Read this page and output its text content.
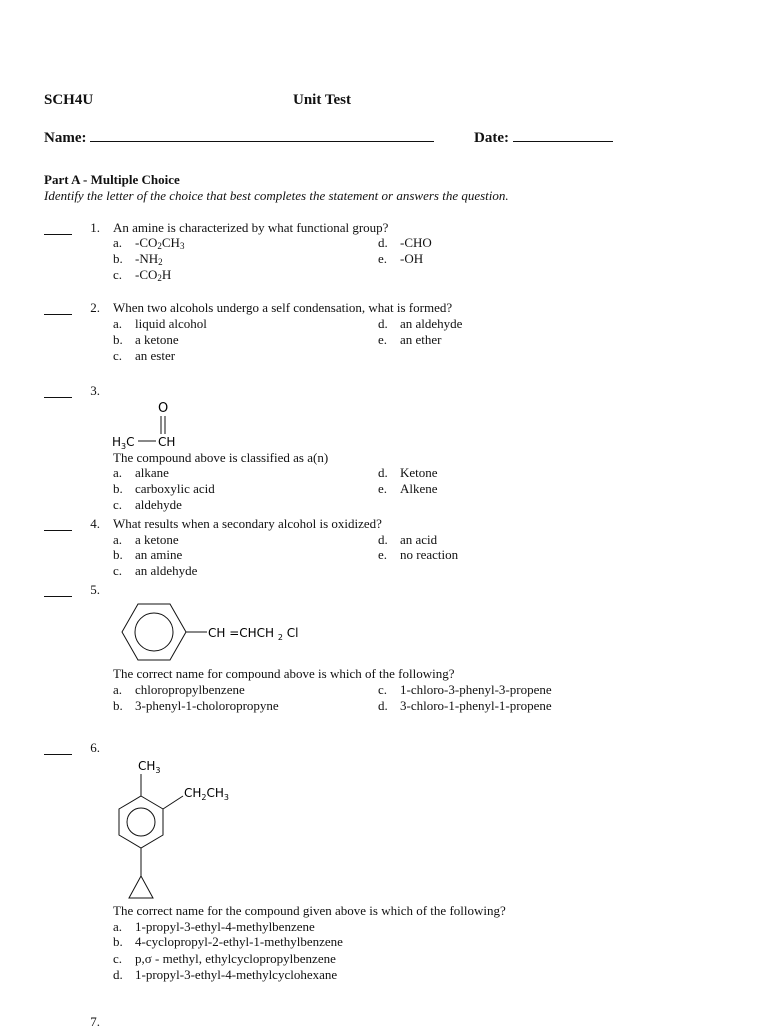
SCH4U	Unit Test
Name:	Date:
Part A - Multiple Choice
Identify the letter of the choice that best completes the statement or answers the question.
1. An amine is characterized by what functional group?
a. $-CO_2CH_3$
b. $-NH_2$
c. $-CO_2H$
d. -CHO
e. -OH
2. When two alcohols undergo a self condensation, what is formed?
a. liquid alcohol
b. a ketone
c. an ester
d. an aldehyde
e. an ether
3.
O
$H_3C$ CH
The compound above is classified as a(n)
a. alkane
b. carboxylic acid
c. aldehyde
d. Ketone
e. Alkene
4. What results when a secondary alcohol is oxidized?
a. a ketone
b. an amine
c. an aldehyde
d. an acid
e. no reaction
5.
CH =CHCH $_2$ Cl
The correct name for compound above is which of the following?
a. chloropropylbenzene
b. 3-phenyl-1-choloropropyne
c. 1-chloro-3-phenyl-3-propene
d. 3-chloro-1-phenyl-1-propene
6.
$CH_3$
$CH_2CH_3$
The correct name for the compound given above is which of the following?
a. 1-propyl-3-ethyl-4-methylbenzene
b. 4-cyclopropyl-2-ethyl-1-methylbenzene
c. p,σ - methyl, ethylcyclopropylbenzene
d. 1-propyl-3-ethyl-4-methylcyclohexane
7.
